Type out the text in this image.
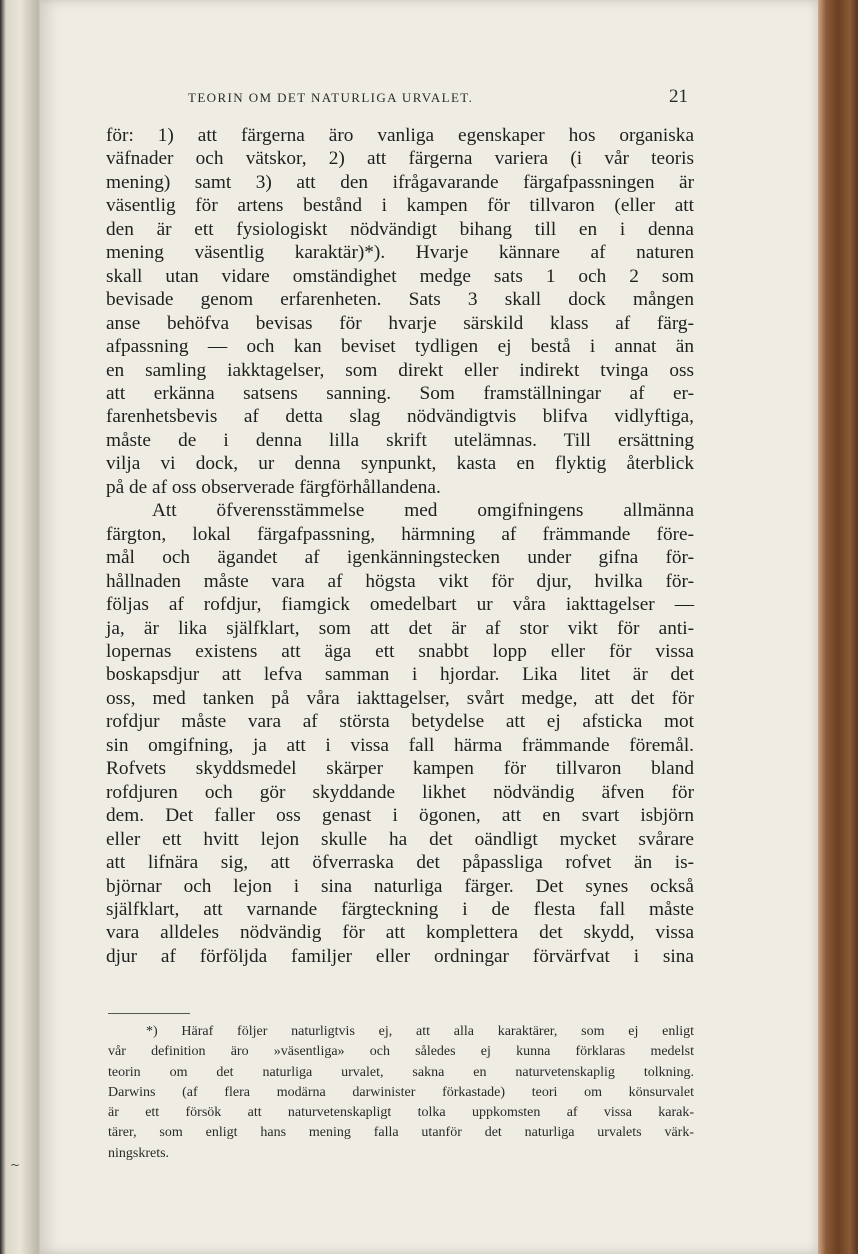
TEORIN OM DET NATURLIGA URVALET.	21
för: 1) att färgerna äro vanliga egenskaper hos organiska
väfnader och vätskor, 2) att färgerna variera (i vår teoris
mening) samt 3) att den ifrågavarande färgafpassningen är
väsentlig för artens bestånd i kampen för tillvaron (eller att
den är ett fysiologiskt nödvändigt bihang till en i denna
mening väsentlig karaktär)*). Hvarje kännare af naturen
skall utan vidare omständighet medge sats 1 och 2 som
bevisade genom erfarenheten. Sats 3 skall dock mången
anse behöfva bevisas för hvarje särskild klass af färg-
afpassning — och kan beviset tydligen ej bestå i annat än
en samling iakktagelser, som direkt eller indirekt tvinga oss
att erkänna satsens sanning. Som framställningar af er-
farenhetsbevis af detta slag nödvändigtvis blifva vidlyftiga,
måste de i denna lilla skrift utelämnas. Till ersättning
vilja vi dock, ur denna synpunkt, kasta en flyktig återblick
på de af oss observerade färgförhållandena.
Att öfverensstämmelse med omgifningens allmänna
färgton, lokal färgafpassning, härmning af främmande före-
mål och ägandet af igenkänningstecken under gifna för-
hållnaden måste vara af högsta vikt för djur, hvilka för-
följas af rofdjur, fiamgick omedelbart ur våra iakttagelser —
ja, är lika själfklart, som att det är af stor vikt för anti-
lopernas existens att äga ett snabbt lopp eller för vissa
boskapsdjur att lefva samman i hjordar. Lika litet är det
oss, med tanken på våra iakttagelser, svårt medge, att det för
rofdjur måste vara af största betydelse att ej afsticka mot
sin omgifning, ja att i vissa fall härma främmande föremål.
Rofvets skyddsmedel skärper kampen för tillvaron bland
rofdjuren och gör skyddande likhet nödvändig äfven för
dem. Det faller oss genast i ögonen, att en svart isbjörn
eller ett hvitt lejon skulle ha det oändligt mycket svårare
att lifnära sig, att öfverraska det påpassliga rofvet än is-
björnar och lejon i sina naturliga färger. Det synes också
själfklart, att varnande färgteckning i de flesta fall måste
vara alldeles nödvändig för att komplettera det skydd, vissa
djur af förföljda familjer eller ordningar förvärfvat i sina
*) Häraf följer naturligtvis ej, att alla karaktärer, som ej enligt
vår definition äro »väsentliga» och således ej kunna förklaras medelst
teorin om det naturliga urvalet, sakna en naturvetenskaplig tolkning.
Darwins (af flera modärna darwinister förkastade) teori om könsurvalet
är ett försök att naturvetenskapligt tolka uppkomsten af vissa karak-
tärer, som enligt hans mening falla utanför det naturliga urvalets värk-
ningskrets.
~
